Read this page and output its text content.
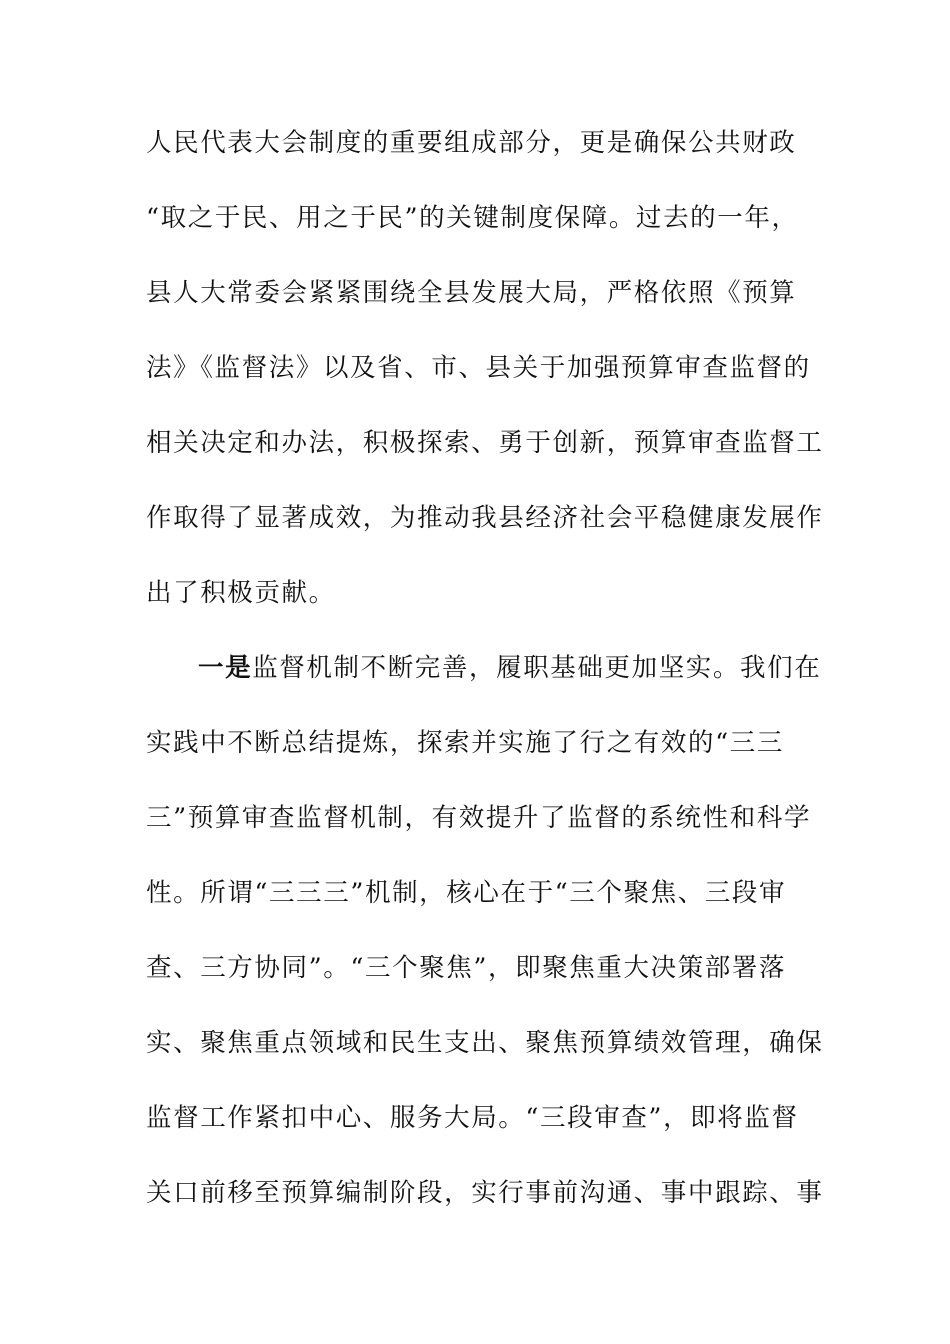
人民代表大会制度的重要组成部分，更是确保公共财政
“取之于民、用之于民”的关键制度保障。过去的一年，
县人大常委会紧紧围绕全县发展大局，严格依照《预算
法》《监督法》以及省、市、县关于加强预算审查监督的
相关决定和办法，积极探索、勇于创新，预算审查监督工
作取得了显著成效，为推动我县经济社会平稳健康发展作
出了积极贡献。
一是监督机制不断完善，履职基础更加坚实。我们在
实践中不断总结提炼，探索并实施了行之有效的“三三
三”预算审查监督机制，有效提升了监督的系统性和科学
性。所谓“三三三”机制，核心在于“三个聚焦、三段审
查、三方协同”。“三个聚焦”，即聚焦重大决策部署落
实、聚焦重点领域和民生支出、聚焦预算绩效管理，确保
监督工作紧扣中心、服务大局。“三段审查”，即将监督
关口前移至预算编制阶段，实行事前沟通、事中跟踪、事
